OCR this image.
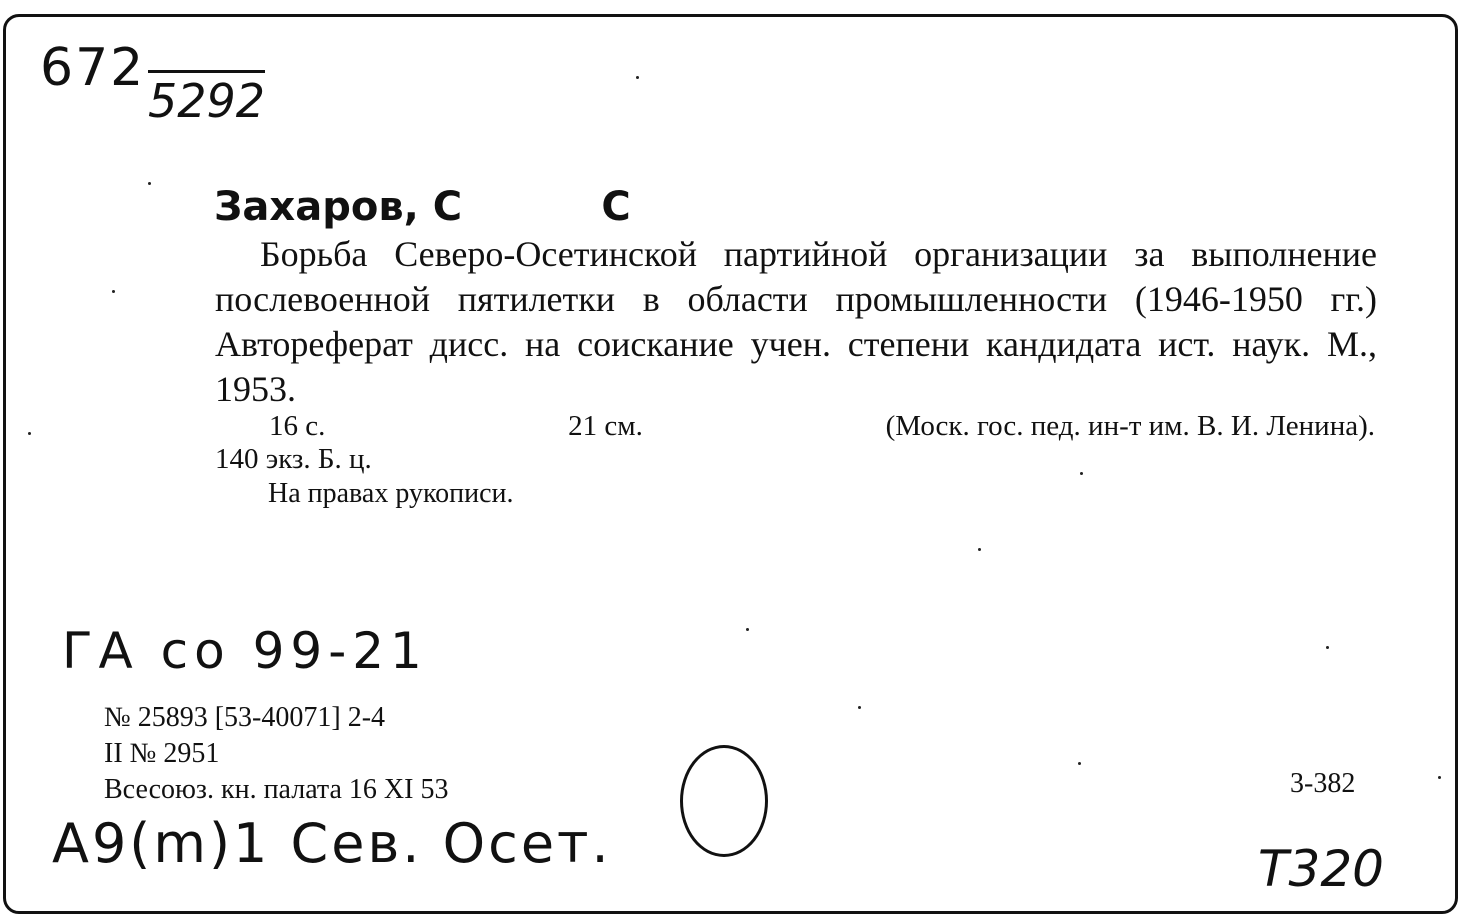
672
5292
Захаров, С          С
Борьба Северо-Осетинской партийной организации за выполнение послевоенной пятилетки в области промышленности (1946-1950 гг.) Автореферат дисс. на соискание учен. степени кандидата ист. наук. М., 1953.
16 с.	21 см.	(Моск. гос. пед. ин-т им. В. И. Ленина).
140 экз. Б. ц.
На правах рукописи.
ГА со 99-21
№ 25893 [53-40071] 2-4
II № 2951
Всесоюз. кн. палата 16 XI 53	3-382
А9(m)1 Сев. Осет.	Т320
